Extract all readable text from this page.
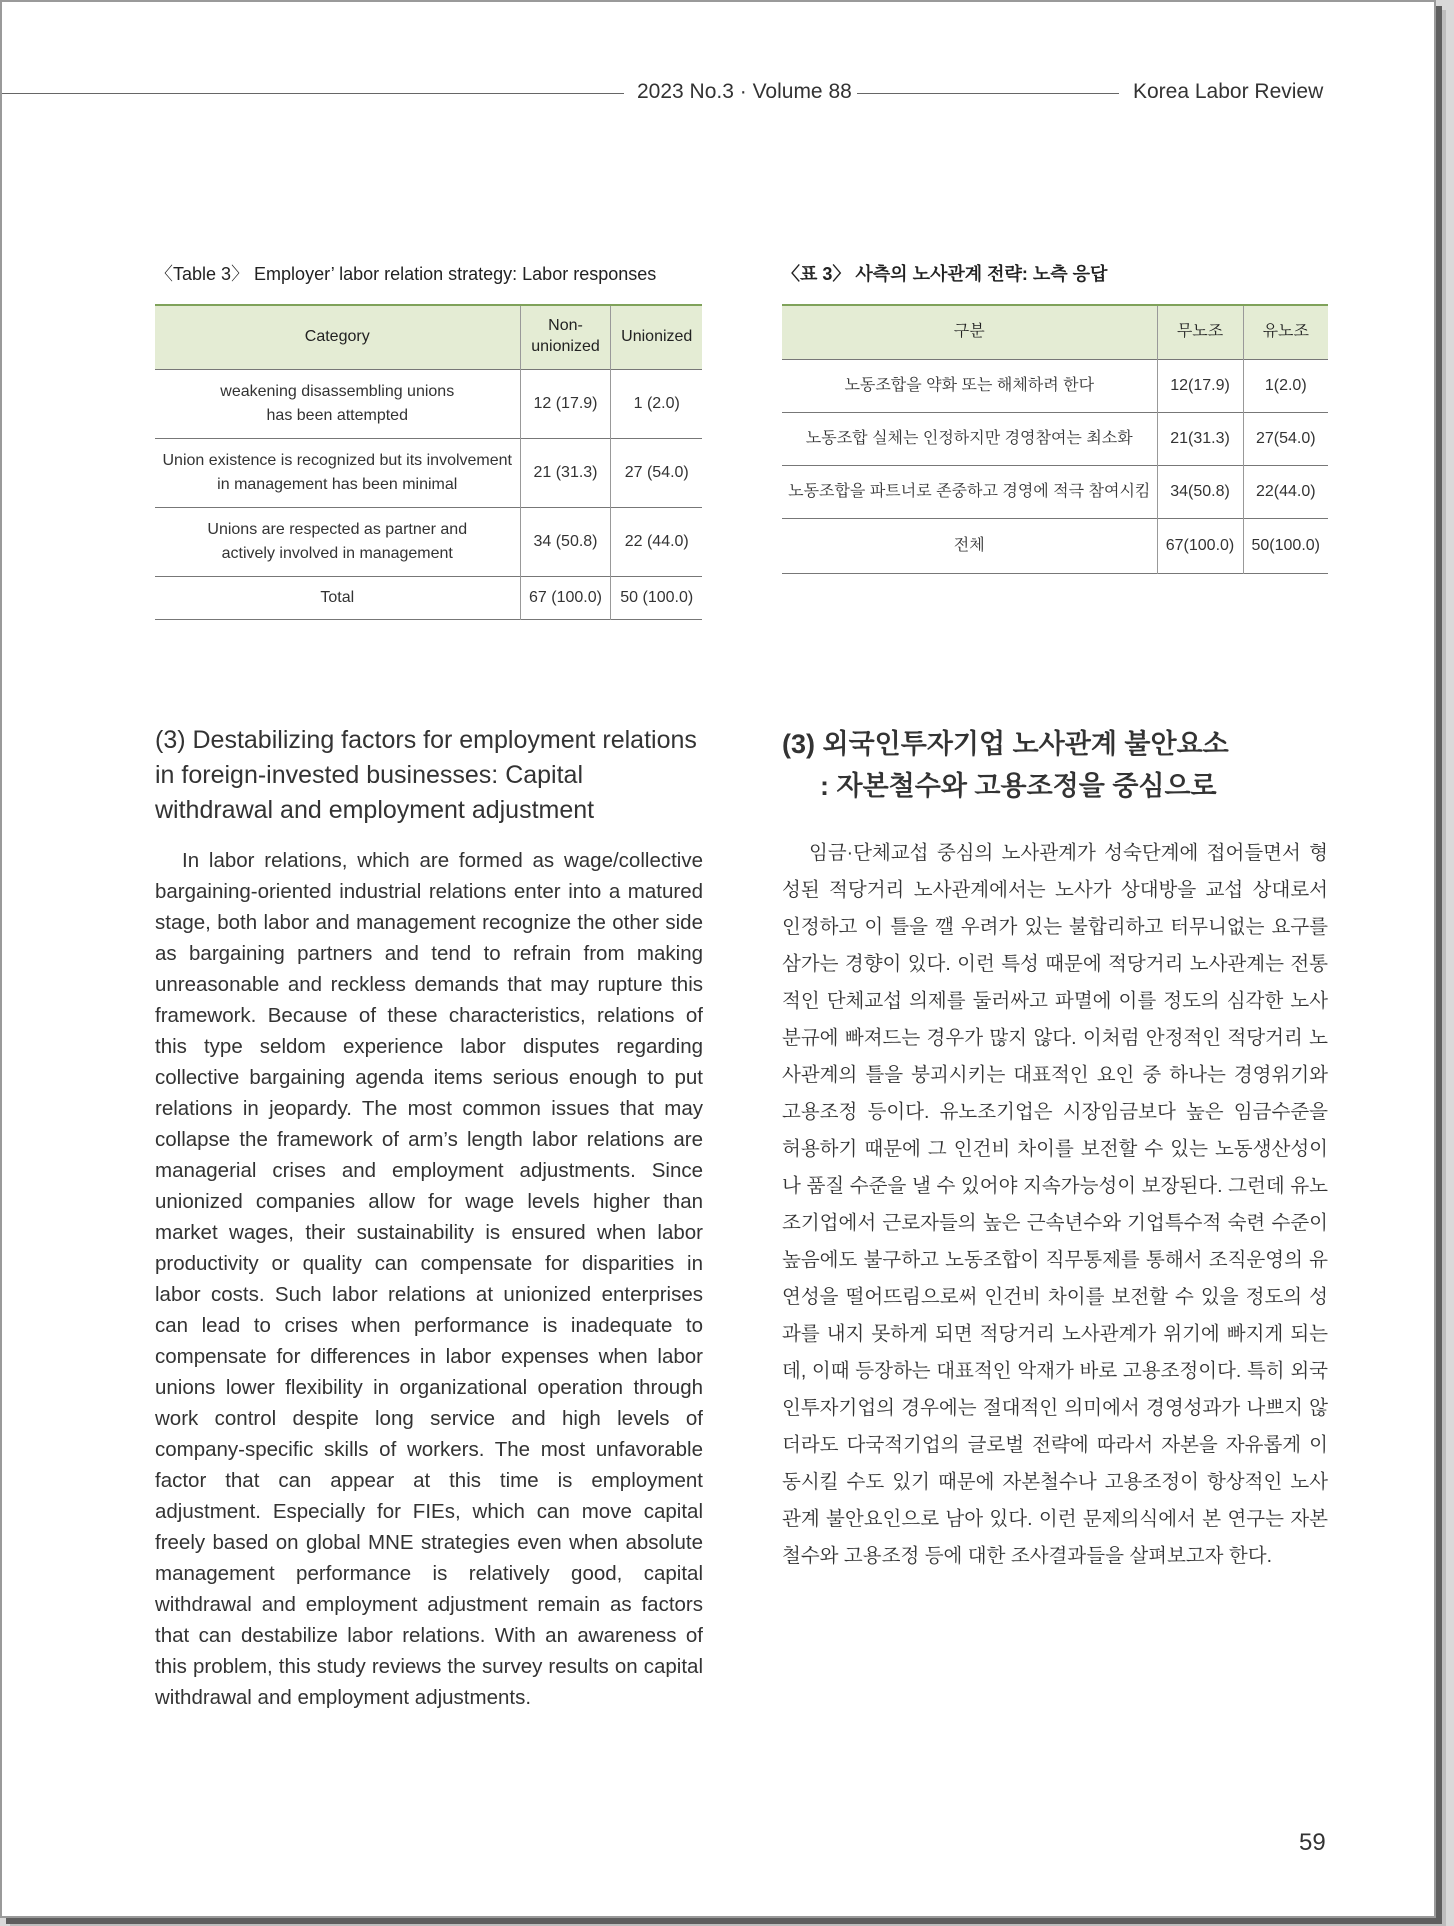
2023 No.3 · Volume 88	Korea Labor Review
〈Table 3〉 Employer’ labor relation strategy: Labor responses
Category	Non-unionized	Unionized
weakening disassembling unions has been attempted	12 (17.9)	1 (2.0)
Union existence is recognized but its involvement in management has been minimal	21 (31.3)	27 (54.0)
Unions are respected as partner and actively involved in management	34 (50.8)	22 (44.0)
Total	67 (100.0)	50 (100.0)
〈표 3〉 사측의 노사관계 전략: 노측 응답
구분	무노조	유노조
노동조합을 약화 또는 해체하려 한다	12(17.9)	1(2.0)
노동조합 실체는 인정하지만 경영참여는 최소화	21(31.3)	27(54.0)
노동조합을 파트너로 존중하고 경영에 적극 참여시킴	34(50.8)	22(44.0)
전체	67(100.0)	50(100.0)
(3) Destabilizing factors for employment relations in foreign-invested businesses: Capital withdrawal and employment adjustment

In labor relations, which are formed as wage/collective bargaining-oriented industrial relations enter into a matured stage, both labor and management recognize the other side as bargaining partners and tend to refrain from making unreasonable and reckless demands that may rupture this framework. Because of these characteristics, relations of this type seldom experience labor disputes regarding collective bargaining agenda items serious enough to put relations in jeopardy. The most common issues that may collapse the framework of arm’s length labor relations are managerial crises and employment adjustments. Since unionized companies allow for wage levels higher than market wages, their sustainability is ensured when labor productivity or quality can compensate for disparities in labor costs. Such labor relations at unionized enterprises can lead to crises when performance is inadequate to compensate for differences in labor expenses when labor unions lower flexibility in organizational operation through work control despite long service and high levels of company-specific skills of workers. The most unfavorable factor that can appear at this time is employment adjustment. Especially for FIEs, which can move capital freely based on global MNE strategies even when absolute management performance is relatively good, capital withdrawal and employment adjustment remain as factors that can destabilize labor relations. With an awareness of this problem, this study reviews the survey results on capital withdrawal and employment adjustments.

(3) 외국인투자기업 노사관계 불안요소
: 자본철수와 고용조정을 중심으로

임금·단체교섭 중심의 노사관계가 성숙단계에 접어들면서 형성된 적당거리 노사관계에서는 노사가 상대방을 교섭 상대로서 인정하고 이 틀을 깰 우려가 있는 불합리하고 터무니없는 요구를 삼가는 경향이 있다. 이런 특성 때문에 적당거리 노사관계는 전통적인 단체교섭 의제를 둘러싸고 파멸에 이를 정도의 심각한 노사분규에 빠져드는 경우가 많지 않다. 이처럼 안정적인 적당거리 노사관계의 틀을 붕괴시키는 대표적인 요인 중 하나는 경영위기와 고용조정 등이다. 유노조기업은 시장임금보다 높은 임금수준을 허용하기 때문에 그 인건비 차이를 보전할 수 있는 노동생산성이나 품질 수준을 낼 수 있어야 지속가능성이 보장된다. 그런데 유노조기업에서 근로자들의 높은 근속년수와 기업특수적 숙련 수준이 높음에도 불구하고 노동조합이 직무통제를 통해서 조직운영의 유연성을 떨어뜨림으로써 인건비 차이를 보전할 수 있을 정도의 성과를 내지 못하게 되면 적당거리 노사관계가 위기에 빠지게 되는데, 이때 등장하는 대표적인 악재가 바로 고용조정이다. 특히 외국인투자기업의 경우에는 절대적인 의미에서 경영성과가 나쁘지 않더라도 다국적기업의 글로벌 전략에 따라서 자본을 자유롭게 이동시킬 수도 있기 때문에 자본철수나 고용조정이 항상적인 노사관계 불안요인으로 남아 있다. 이런 문제의식에서 본 연구는 자본 철수와 고용조정 등에 대한 조사결과들을 살펴보고자 한다.

59
